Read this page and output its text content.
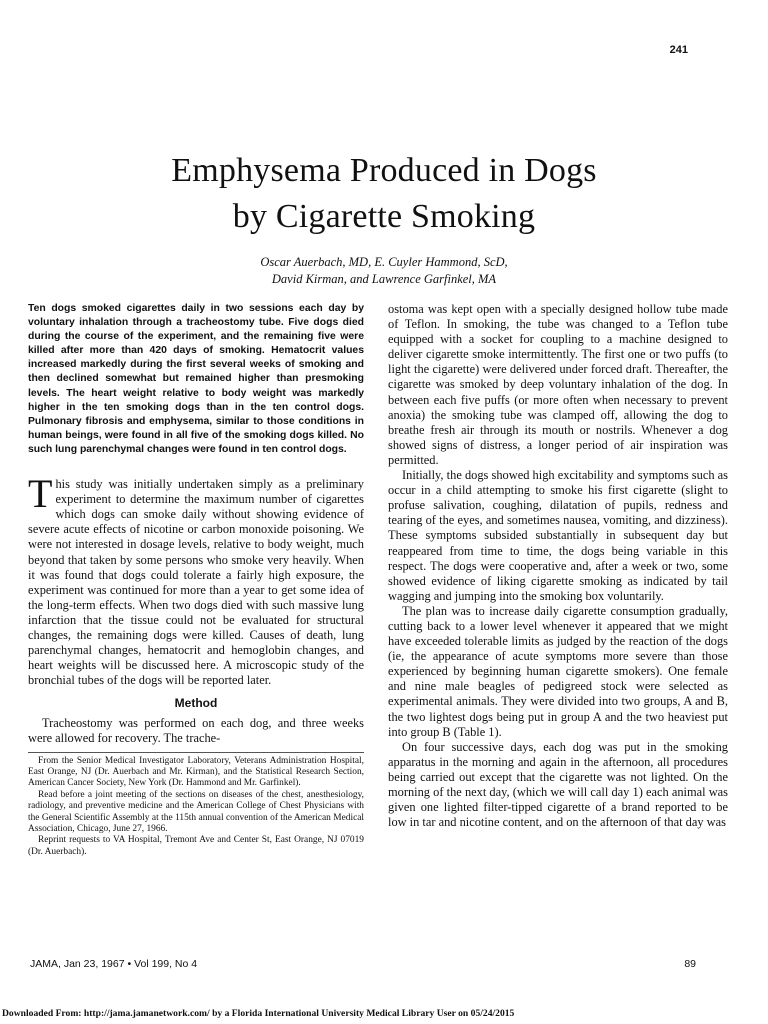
241
Emphysema Produced in Dogs
by Cigarette Smoking
Oscar Auerbach, MD, E. Cuyler Hammond, ScD,
David Kirman, and Lawrence Garfinkel, MA

Ten dogs smoked cigarettes daily in two sessions each day by voluntary inhalation through a tracheostomy tube. Five dogs died during the course of the experiment, and the remaining five were killed after more than 420 days of smoking. Hematocrit values increased markedly during the first several weeks of smoking and then declined somewhat but remained higher than presmoking levels. The heart weight relative to body weight was markedly higher in the ten smoking dogs than in the ten control dogs. Pulmonary fibrosis and emphysema, similar to those conditions in human beings, were found in all five of the smoking dogs killed. No such lung parenchymal changes were found in ten control dogs.

This study was initially undertaken simply as a preliminary experiment to determine the maximum number of cigarettes which dogs can smoke daily without showing evidence of severe acute effects of nicotine or carbon monoxide poisoning. We were not interested in dosage levels, relative to body weight, much beyond that taken by some persons who smoke very heavily. When it was found that dogs could tolerate a fairly high exposure, the experiment was continued for more than a year to get some idea of the long-term effects. When two dogs died with such massive lung infarction that the tissue could not be evaluated for structural changes, the remaining dogs were killed. Causes of death, lung parenchymal changes, hematocrit and hemoglobin changes, and heart weights will be discussed here. A microscopic study of the bronchial tubes of the dogs will be reported later.

Method

Tracheostomy was performed on each dog, and three weeks were allowed for recovery. The trache-

From the Senior Medical Investigator Laboratory, Veterans Administration Hospital, East Orange, NJ (Dr. Auerbach and Mr. Kirman), and the Statistical Research Section, American Cancer Society, New York (Dr. Hammond and Mr. Garfinkel).

Read before a joint meeting of the sections on diseases of the chest, anesthesiology, radiology, and preventive medicine and the American College of Chest Physicians with the General Scientific Assembly at the 115th annual convention of the American Medical Association, Chicago, June 27, 1966.

Reprint requests to VA Hospital, Tremont Ave and Center St, East Orange, NJ 07019 (Dr. Auerbach).

ostoma was kept open with a specially designed hollow tube made of Teflon. In smoking, the tube was changed to a Teflon tube equipped with a socket for coupling to a machine designed to deliver cigarette smoke intermittently. The first one or two puffs (to light the cigarette) were delivered under forced draft. Thereafter, the cigarette was smoked by deep voluntary inhalation of the dog. In between each five puffs (or more often when necessary to prevent anoxia) the smoking tube was clamped off, allowing the dog to breathe fresh air through its mouth or nostrils. Whenever a dog showed signs of distress, a longer period of air inspiration was permitted.

Initially, the dogs showed high excitability and symptoms such as occur in a child attempting to smoke his first cigarette (slight to profuse salivation, coughing, dilatation of pupils, redness and tearing of the eyes, and sometimes nausea, vomiting, and dizziness). These symptoms subsided substantially in subsequent day but reappeared from time to time, the dogs being variable in this respect. The dogs were cooperative and, after a week or two, some showed evidence of liking cigarette smoking as indicated by tail wagging and jumping into the smoking box voluntarily.

The plan was to increase daily cigarette consumption gradually, cutting back to a lower level whenever it appeared that we might have exceeded tolerable limits as judged by the reaction of the dogs (ie, the appearance of acute symptoms more severe than those experienced by beginning human cigarette smokers). One female and nine male beagles of pedigreed stock were selected as experimental animals. They were divided into two groups, A and B, the two lightest dogs being put in group A and the two heaviest put into group B (Table 1).

On four successive days, each dog was put in the smoking apparatus in the morning and again in the afternoon, all procedures being carried out except that the cigarette was not lighted. On the morning of the next day, (which we will call day 1) each animal was given one lighted filter-tipped cigarette of a brand reported to be low in tar and nicotine content, and on the afternoon of that day was

JAMA, Jan 23, 1967 • Vol 199, No 4	89
Downloaded From: http://jama.jamanetwork.com/ by a Florida International University Medical Library User on 05/24/2015
